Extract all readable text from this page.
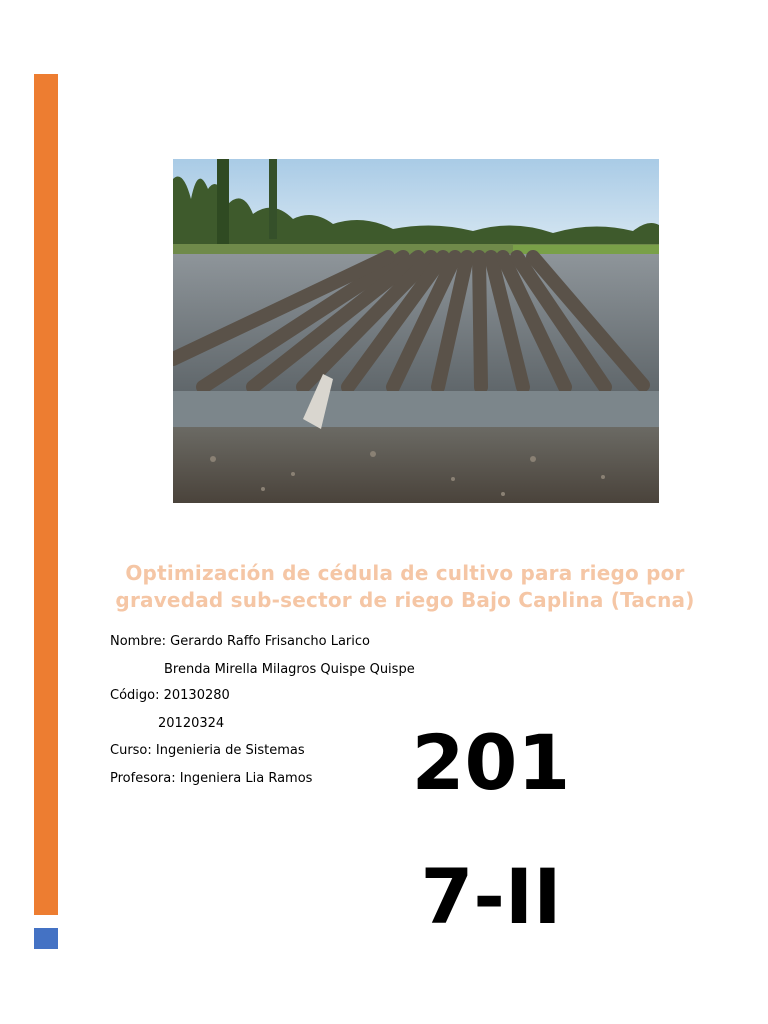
Optimización de cédula de cultivo para riego por
gravedad sub-sector de riego Bajo Caplina (Tacna)
Nombre: Gerardo Raffo Frisancho Larico
Brenda Mirella Milagros Quispe Quispe
Código: 20130280
20120324
Curso: Ingenieria de Sistemas
Profesora: Ingeniera Lia Ramos 201
7-II
